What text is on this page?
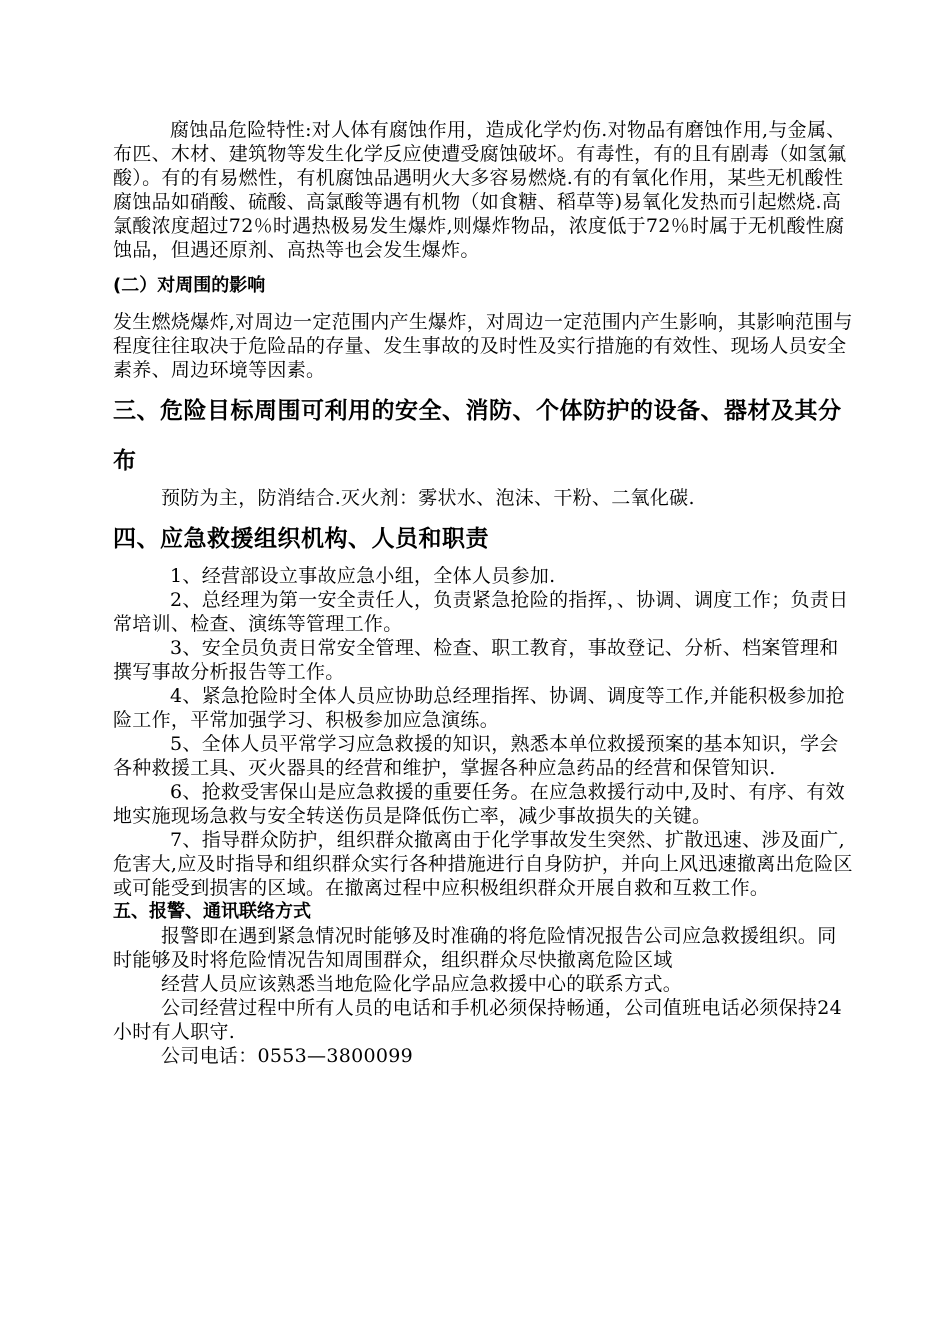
腐蚀品危险特性:对人体有腐蚀作用，造成化学灼伤.对物品有磨蚀作用,与金属、布匹、木材、建筑物等发生化学反应使遭受腐蚀破坏。有毒性，有的且有剧毒（如氢氟酸）。有的有易燃性，有机腐蚀品遇明火大多容易燃烧.有的有氧化作用，某些无机酸性腐蚀品如硝酸、硫酸、高氯酸等遇有机物（如食糖、稻草等)易氧化发热而引起燃烧.高氯酸浓度超过72％时遇热极易发生爆炸,则爆炸物品，浓度低于72％时属于无机酸性腐蚀品，但遇还原剂、高热等也会发生爆炸。

(二）对周围的影响

发生燃烧爆炸,对周边一定范围内产生爆炸，对周边一定范围内产生影响，其影响范围与程度往往取决于危险品的存量、发生事故的及时性及实行措施的有效性、现场人员安全素养、周边环境等因素。

三、危险目标周围可利用的安全、消防、个体防护的设备、器材及其分布

预防为主，防消结合.灭火剂：雾状水、泡沫、干粉、二氧化碳.

四、应急救援组织机构、人员和职责

1、经营部设立事故应急小组，全体人员参加.

2、总经理为第一安全责任人，负责紧急抢险的指挥，、协调、调度工作；负责日常培训、检查、演练等管理工作。

3、安全员负责日常安全管理、检查、职工教育，事故登记、分析、档案管理和撰写事故分析报告等工作。

4、紧急抢险时全体人员应协助总经理指挥、协调、调度等工作,并能积极参加抢险工作，平常加强学习、积极参加应急演练。

5、全体人员平常学习应急救援的知识，熟悉本单位救援预案的基本知识，学会各种救援工具、灭火器具的经营和维护，掌握各种应急药品的经营和保管知识.

6、抢救受害保山是应急救援的重要任务。在应急救援行动中,及时、有序、有效地实施现场急救与安全转送伤员是降低伤亡率，减少事故损失的关键。

7、指导群众防护，组织群众撤离由于化学事故发生突然、扩散迅速、涉及面广,危害大,应及时指导和组织群众实行各种措施进行自身防护，并向上风迅速撤离出危险区或可能受到损害的区域。在撤离过程中应积极组织群众开展自救和互救工作。

五、报警、通讯联络方式

报警即在遇到紧急情况时能够及时准确的将危险情况报告公司应急救援组织。同时能够及时将危险情况告知周围群众，组织群众尽快撤离危险区域

经营人员应该熟悉当地危险化学品应急救援中心的联系方式。

公司经营过程中所有人员的电话和手机必须保持畅通，公司值班电话必须保持24小时有人职守.

公司电话：0553—3800099
